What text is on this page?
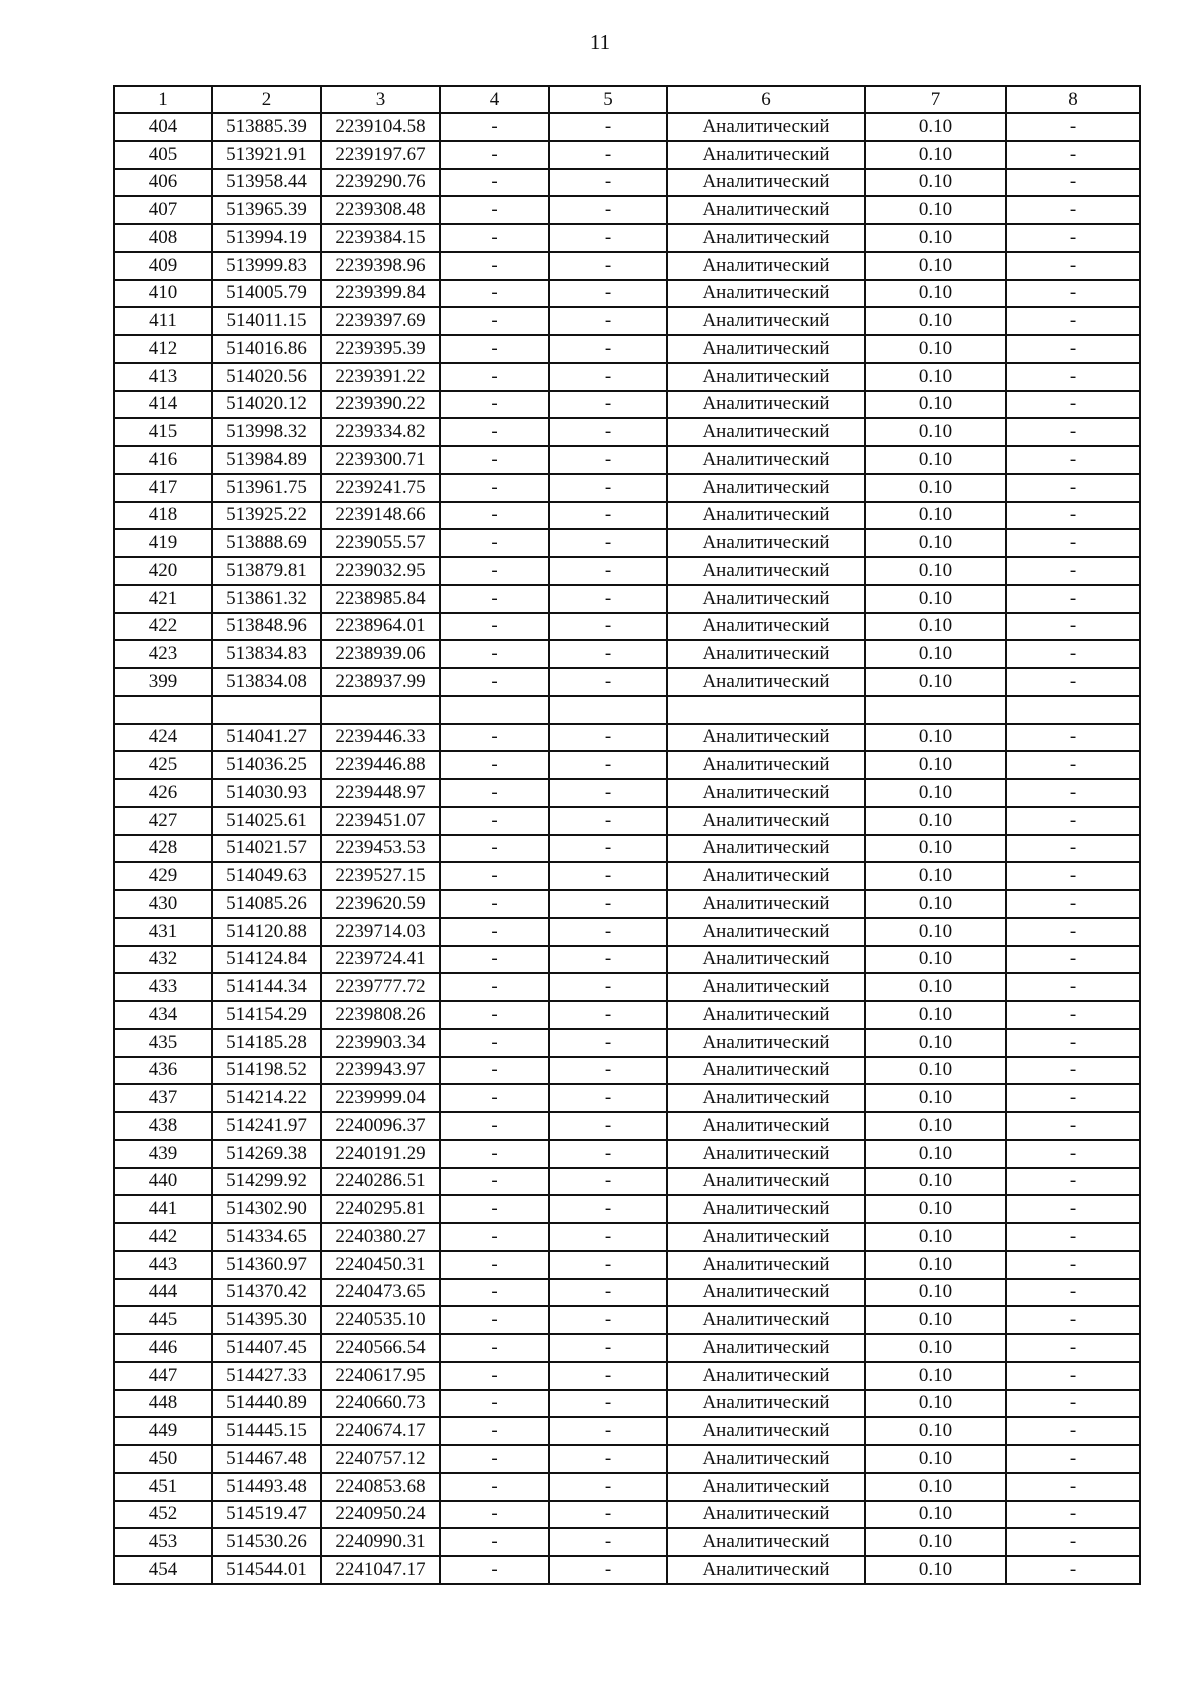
11
1	2	3	4	5	6	7	8
404	513885.39	2239104.58	-	-	Аналитический	0.10	-
405	513921.91	2239197.67	-	-	Аналитический	0.10	-
406	513958.44	2239290.76	-	-	Аналитический	0.10	-
407	513965.39	2239308.48	-	-	Аналитический	0.10	-
408	513994.19	2239384.15	-	-	Аналитический	0.10	-
409	513999.83	2239398.96	-	-	Аналитический	0.10	-
410	514005.79	2239399.84	-	-	Аналитический	0.10	-
411	514011.15	2239397.69	-	-	Аналитический	0.10	-
412	514016.86	2239395.39	-	-	Аналитический	0.10	-
413	514020.56	2239391.22	-	-	Аналитический	0.10	-
414	514020.12	2239390.22	-	-	Аналитический	0.10	-
415	513998.32	2239334.82	-	-	Аналитический	0.10	-
416	513984.89	2239300.71	-	-	Аналитический	0.10	-
417	513961.75	2239241.75	-	-	Аналитический	0.10	-
418	513925.22	2239148.66	-	-	Аналитический	0.10	-
419	513888.69	2239055.57	-	-	Аналитический	0.10	-
420	513879.81	2239032.95	-	-	Аналитический	0.10	-
421	513861.32	2238985.84	-	-	Аналитический	0.10	-
422	513848.96	2238964.01	-	-	Аналитический	0.10	-
423	513834.83	2238939.06	-	-	Аналитический	0.10	-
399	513834.08	2238937.99	-	-	Аналитический	0.10	-

424	514041.27	2239446.33	-	-	Аналитический	0.10	-
425	514036.25	2239446.88	-	-	Аналитический	0.10	-
426	514030.93	2239448.97	-	-	Аналитический	0.10	-
427	514025.61	2239451.07	-	-	Аналитический	0.10	-
428	514021.57	2239453.53	-	-	Аналитический	0.10	-
429	514049.63	2239527.15	-	-	Аналитический	0.10	-
430	514085.26	2239620.59	-	-	Аналитический	0.10	-
431	514120.88	2239714.03	-	-	Аналитический	0.10	-
432	514124.84	2239724.41	-	-	Аналитический	0.10	-
433	514144.34	2239777.72	-	-	Аналитический	0.10	-
434	514154.29	2239808.26	-	-	Аналитический	0.10	-
435	514185.28	2239903.34	-	-	Аналитический	0.10	-
436	514198.52	2239943.97	-	-	Аналитический	0.10	-
437	514214.22	2239999.04	-	-	Аналитический	0.10	-
438	514241.97	2240096.37	-	-	Аналитический	0.10	-
439	514269.38	2240191.29	-	-	Аналитический	0.10	-
440	514299.92	2240286.51	-	-	Аналитический	0.10	-
441	514302.90	2240295.81	-	-	Аналитический	0.10	-
442	514334.65	2240380.27	-	-	Аналитический	0.10	-
443	514360.97	2240450.31	-	-	Аналитический	0.10	-
444	514370.42	2240473.65	-	-	Аналитический	0.10	-
445	514395.30	2240535.10	-	-	Аналитический	0.10	-
446	514407.45	2240566.54	-	-	Аналитический	0.10	-
447	514427.33	2240617.95	-	-	Аналитический	0.10	-
448	514440.89	2240660.73	-	-	Аналитический	0.10	-
449	514445.15	2240674.17	-	-	Аналитический	0.10	-
450	514467.48	2240757.12	-	-	Аналитический	0.10	-
451	514493.48	2240853.68	-	-	Аналитический	0.10	-
452	514519.47	2240950.24	-	-	Аналитический	0.10	-
453	514530.26	2240990.31	-	-	Аналитический	0.10	-
454	514544.01	2241047.17	-	-	Аналитический	0.10	-
